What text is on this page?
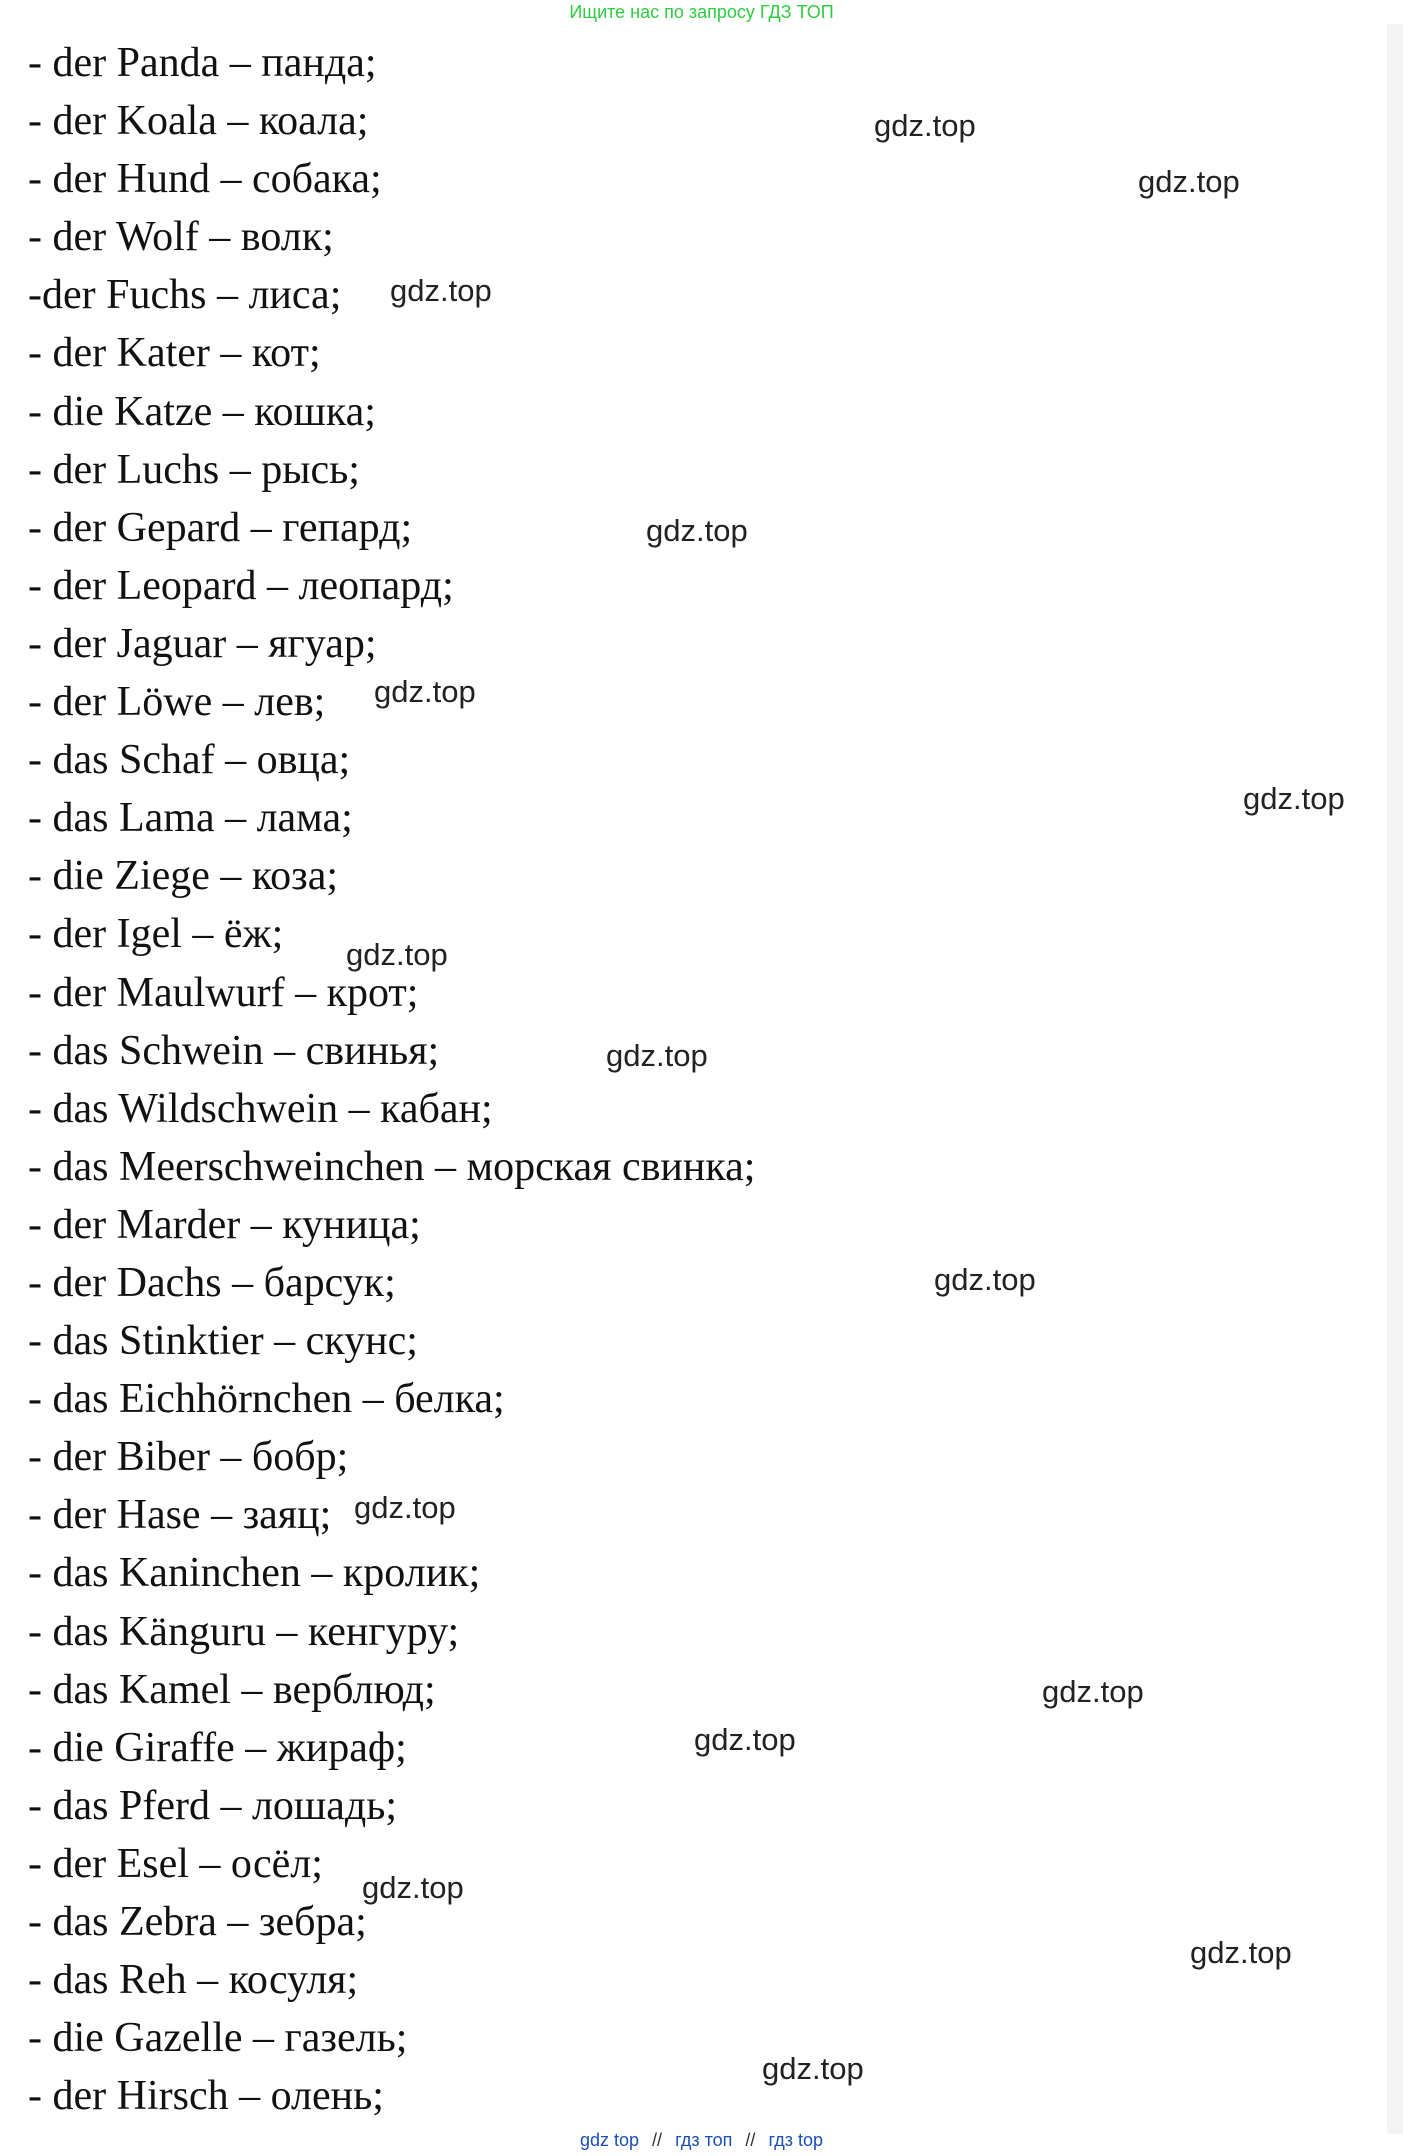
Ищите нас по запросу ГДЗ ТОП
- der Panda – панда;
- der Koala – коала;
- der Hund – собака;
- der Wolf – волк;
-der Fuchs – лиса;
- der Kater – кот;
- die Katze – кошка;
- der Luchs – рысь;
- der Gepard – гепард;
- der Leopard – леопард;
- der Jaguar – ягуар;
- der Löwe – лев;
- das Schaf – овца;
- das Lama – лама;
- die Ziege – коза;
- der Igel – ёж;
- der Maulwurf – крот;
- das Schwein – свинья;
- das Wildschwein – кабан;
- das Meerschweinchen – морская свинка;
- der Marder – куница;
- der Dachs – барсук;
- das Stinktier – скунс;
- das Eichhörnchen – белка;
- der Biber – бобр;
- der Hase – заяц;
- das Kaninchen – кролик;
- das Känguru – кенгуру;
- das Kamel – верблюд;
- die Giraffe – жираф;
- das Pferd – лошадь;
- der Esel – осёл;
- das Zebra – зебра;
- das Reh – косуля;
- die Gazelle – газель;
- der Hirsch – олень;
gdz.top
gdz.top
gdz.top
gdz.top
gdz.top
gdz.top
gdz.top
gdz.top
gdz.top
gdz.top
gdz.top
gdz.top
gdz.top
gdz.top
gdz.top
gdz top // гдз топ // гдз top
